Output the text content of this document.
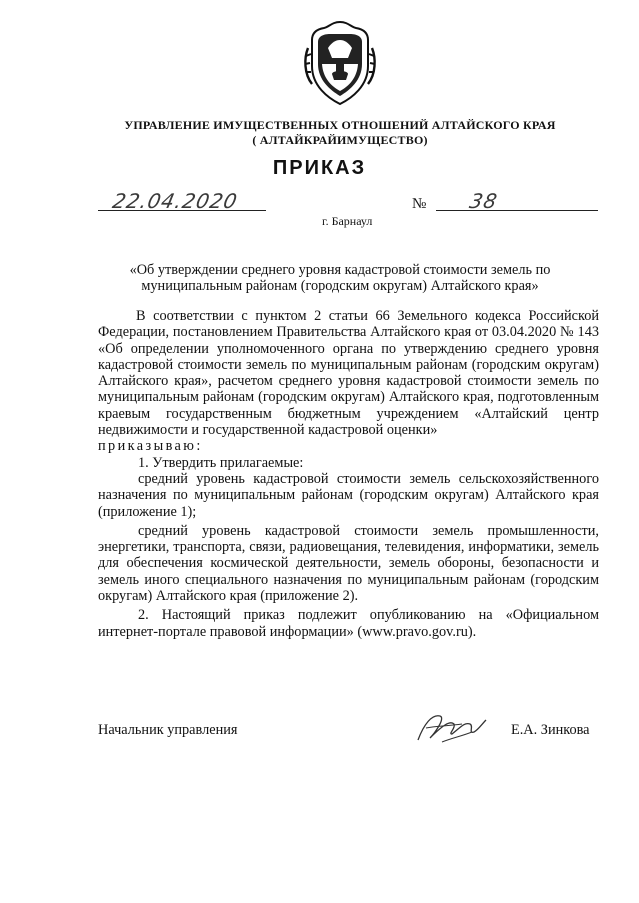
УПРАВЛЕНИЕ ИМУЩЕСТВЕННЫХ ОТНОШЕНИЙ АЛТАЙСКОГО КРАЯ
( АЛТАЙКРАЙИМУЩЕСТВО)
ПРИКАЗ
22.04.2020	№ 38
г. Барнаул
«Об утверждении среднего уровня кадастровой стоимости земель по
муниципальным районам (городским округам) Алтайского края»

В соответствии с пунктом 2 статьи 66 Земельного кодекса Российской Федерации, постановлением Правительства Алтайского края от 03.04.2020 № 143 «Об определении уполномоченного органа по утверждению среднего уровня кадастровой стоимости земель по муниципальным районам (городским округам) Алтайского края», расчетом среднего уровня кадастровой стоимости земель по муниципальным районам (городским округам) Алтайского края, подготовленным краевым государственным бюджетным учреждением «Алтайский центр недвижимости и государственной кадастровой оценки»

приказываю:

1. Утвердить прилагаемые:

средний уровень кадастровой стоимости земель сельскохозяйственного назначения по муниципальным районам (городским округам) Алтайского края (приложение 1);

средний уровень кадастровой стоимости земель промышленности, энергетики, транспорта, связи, радиовещания, телевидения, информатики, земель для обеспечения космической деятельности, земель обороны, безопасности и земель иного специального назначения по муниципальным районам (городским округам) Алтайского края (приложение 2).

2. Настоящий приказ подлежит опубликованию на «Официальном интернет-портале правовой информации» (www.pravo.gov.ru).

Начальник управления	Е.А. Зинкова
